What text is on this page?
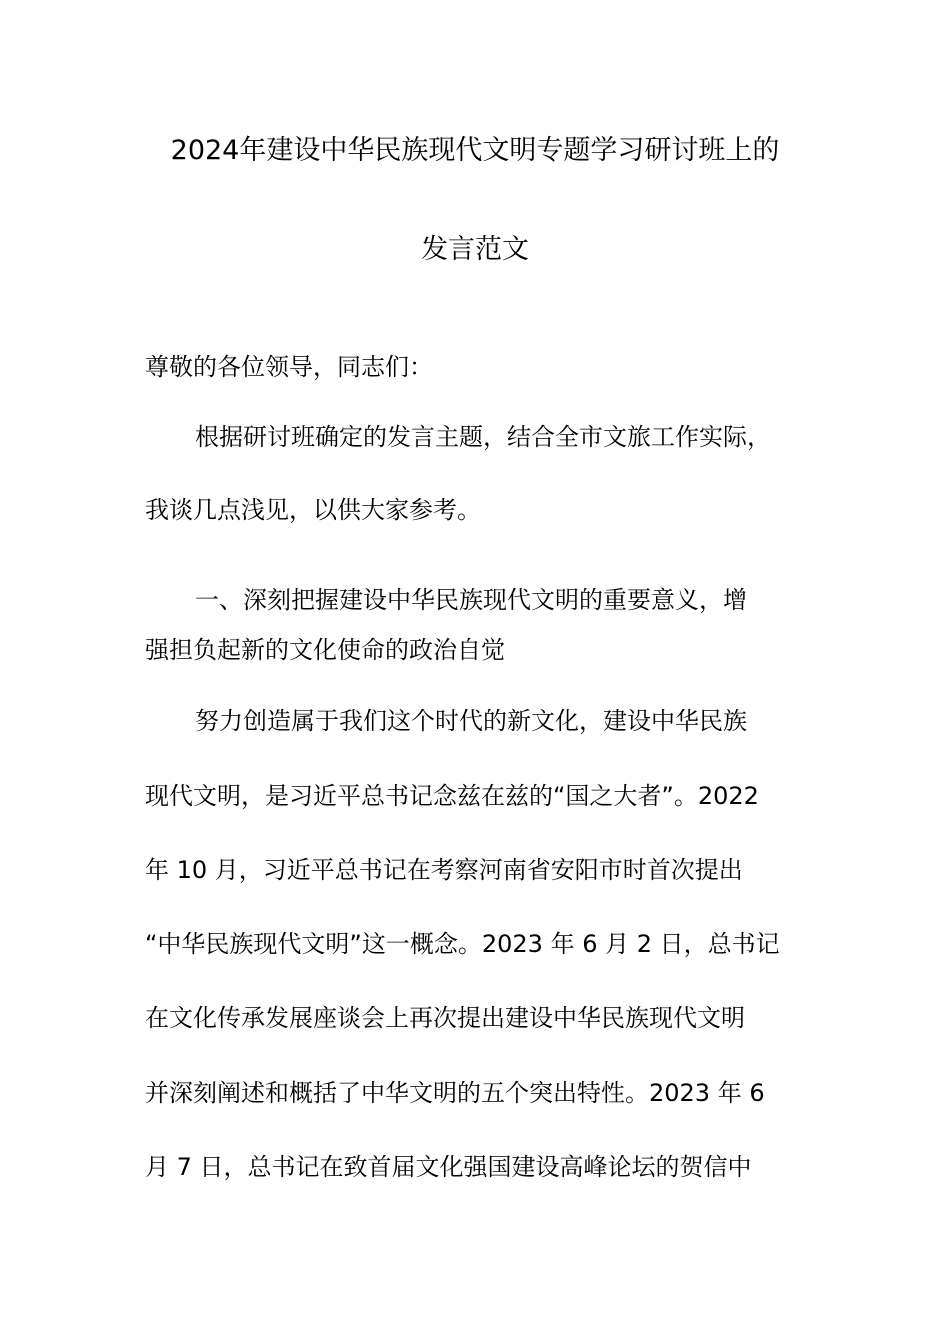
2024年建设中华民族现代文明专题学习研讨班上的
发言范文
尊敬的各位领导，同志们：
根据研讨班确定的发言主题，结合全市文旅工作实际，
我谈几点浅见，以供大家参考。
一、深刻把握建设中华民族现代文明的重要意义，增
强担负起新的文化使命的政治自觉
努力创造属于我们这个时代的新文化，建设中华民族
现代文明，是习近平总书记念兹在兹的“国之大者”。2022
年 10 月，习近平总书记在考察河南省安阳市时首次提出
“中华民族现代文明”这一概念。2023 年 6 月 2 日，总书记
在文化传承发展座谈会上再次提出建设中华民族现代文明
并深刻阐述和概括了中华文明的五个突出特性。2023 年 6
月 7 日，总书记在致首届文化强国建设高峰论坛的贺信中
